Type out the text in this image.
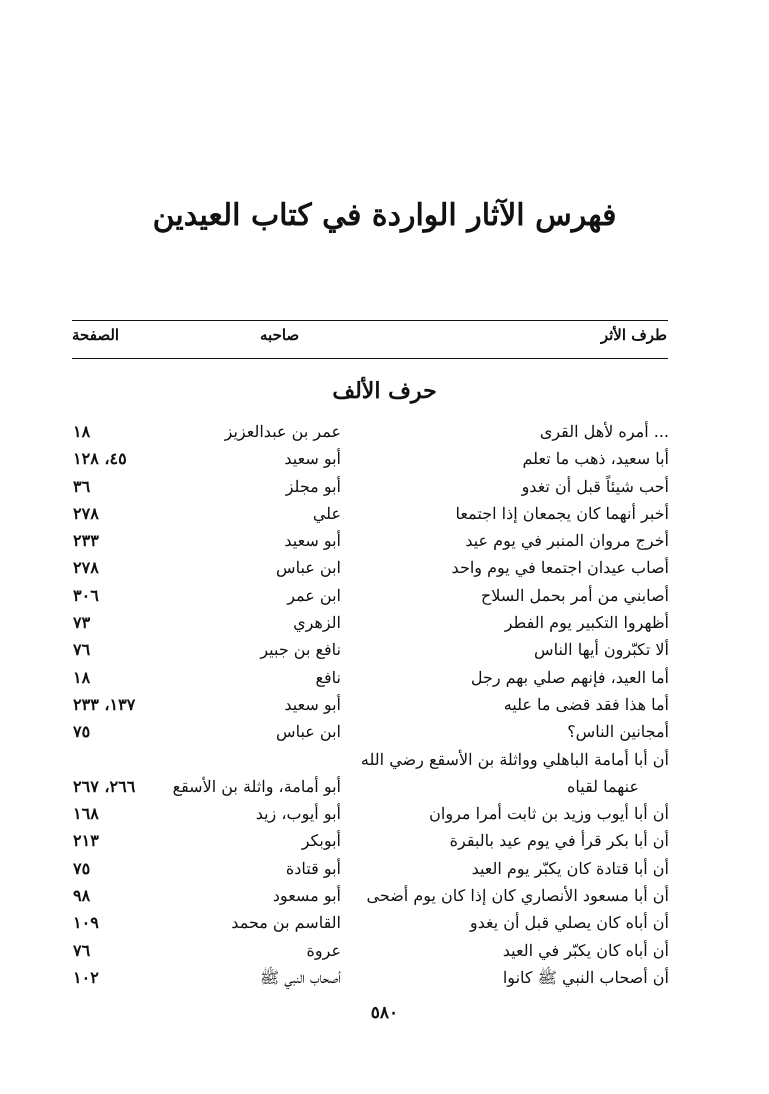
فهرس الآثار الواردة في كتاب العيدين
طرف الأثر
صاحبه
الصفحة
حرف الألف
... أمره لأهل القرى
عمر بن عبدالعزيز
١٨
أبا سعيد، ذهب ما تعلم
أبو سعيد
٤٥، ١٢٨
أحب شيئاً قبل أن تغدو
أبو مجلز
٣٦
أخبر أنهما كان يجمعان إذا اجتمعا
علي
٢٧٨
أخرج مروان المنبر في يوم عيد
أبو سعيد
٢٣٣
أصاب عيدان اجتمعا في يوم واحد
ابن عباس
٢٧٨
أصابني من أمر بحمل السلاح
ابن عمر
٣٠٦
أظهروا التكبير يوم الفطر
الزهري
٧٣
ألا تكبّرون أيها الناس
نافع بن جبير
٧٦
أما العيد، فإنهم صلي بهم رجل
نافع
١٨
أما هذا فقد قضى ما عليه
أبو سعيد
١٣٧، ٢٣٣
أمجانين الناس؟
ابن عباس
٧٥
أن أبا أمامة الباهلي وواثلة بن الأسقع رضي الله
عنهما لقياه
أبو أمامة، واثلة بن الأسقع
٢٦٦، ٢٦٧
أن أبا أيوب وزيد بن ثابت أمرا مروان
أبو أيوب، زيد
١٦٨
أن أبا بكر قرأ في يوم عيد بالبقرة
أبوبكر
٢١٣
أن أبا قتادة كان يكبّر يوم العيد
أبو قتادة
٧٥
أن أبا مسعود الأنصاري كان إذا كان يوم أضحى
أبو مسعود
٩٨
أن أباه كان يصلي قبل أن يغدو
القاسم بن محمد
١٠٩
أن أباه كان يكبّر في العيد
عروة
٧٦
أن أصحاب النبي ﷺ كانوا
أصحاب النبي ﷺ
١٠٢
٥٨٠
